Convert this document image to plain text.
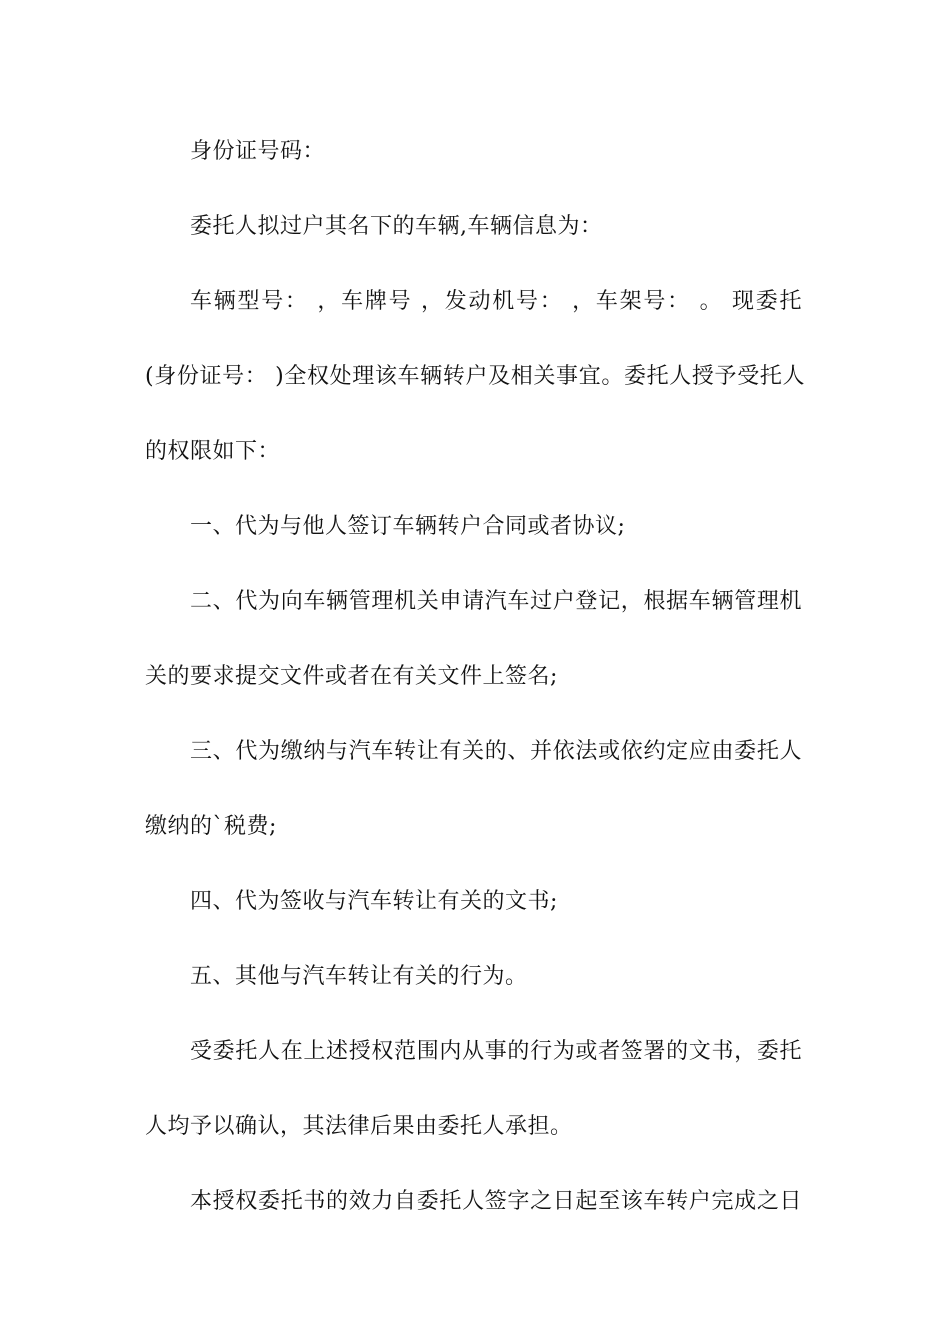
身份证号码：
委托人拟过户其名下的车辆,车辆信息为：
车辆型号： ，车牌号 ，发动机号： ，车架号： 。 现委托
(身份证号： )全权处理该车辆转户及相关事宜。委托人授予受托人
的权限如下：
一、代为与他人签订车辆转户合同或者协议;
二、代为向车辆管理机关申请汽车过户登记，根据车辆管理机
关的要求提交文件或者在有关文件上签名;
三、代为缴纳与汽车转让有关的、并依法或依约定应由委托人
缴纳的`税费;
四、代为签收与汽车转让有关的文书;
五、其他与汽车转让有关的行为。
受委托人在上述授权范围内从事的行为或者签署的文书，委托
人均予以确认，其法律后果由委托人承担。
本授权委托书的效力自委托人签字之日起至该车转户完成之日
